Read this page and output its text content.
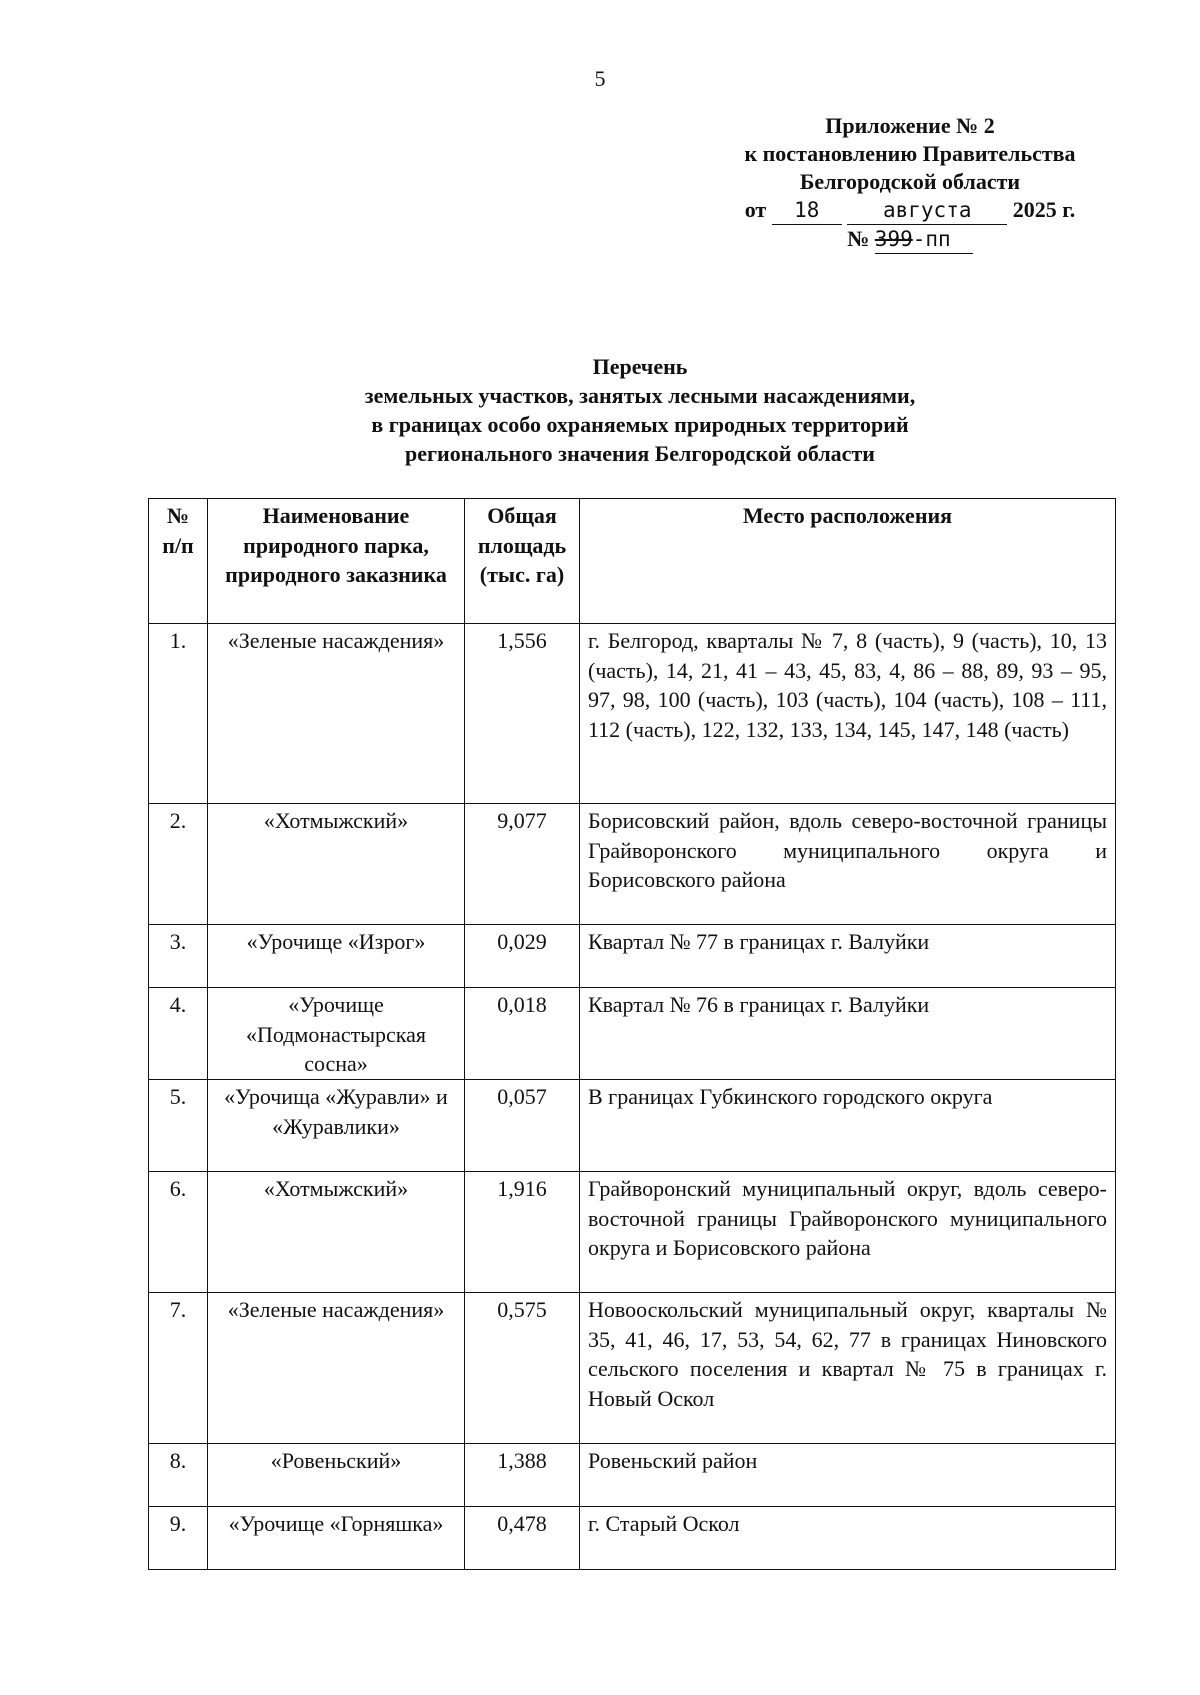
5
Приложение № 2
к постановлению Правительства
Белгородской области
от 18	августа 2025 г.
№ 399-пп
Перечень
земельных участков, занятых лесными насаждениями,
в границах особо охраняемых природных территорий
регионального значения Белгородской области
№ п/п	Наименование природного парка, природного заказника	Общая площадь (тыс. га)	Место расположения
1.	«Зеленые насаждения»	1,556	г. Белгород, кварталы № 7, 8 (часть), 9 (часть), 10, 13 (часть), 14, 21, 41 – 43, 45, 83, 4, 86 – 88, 89, 93 – 95, 97, 98, 100 (часть), 103 (часть), 104 (часть), 108 – 111, 112 (часть), 122, 132, 133, 134, 145, 147, 148 (часть)
2.	«Хотмыжский»	9,077	Борисовский район, вдоль северо-восточной границы Грайворонского муниципального округа и Борисовского района
3.	«Урочище «Изрог»	0,029	Квартал № 77 в границах г. Валуйки
4.	«Урочище «Подмонастырская сосна»	0,018	Квартал № 76 в границах г. Валуйки
5.	«Урочища «Журавли» и «Журавлики»	0,057	В границах Губкинского городского округа
6.	«Хотмыжский»	1,916	Грайворонский муниципальный округ, вдоль северо-восточной границы Грайворонского муниципального округа и Борисовского района
7.	«Зеленые насаждения»	0,575	Новооскольский муниципальный округ, кварталы № 35, 41, 46, 17, 53, 54, 62, 77 в границах Ниновского сельского поселения и квартал № 75 в границах г. Новый Оскол
8.	«Ровеньский»	1,388	Ровеньский район
9.	«Урочище «Горняшка»	0,478	г. Старый Оскол
